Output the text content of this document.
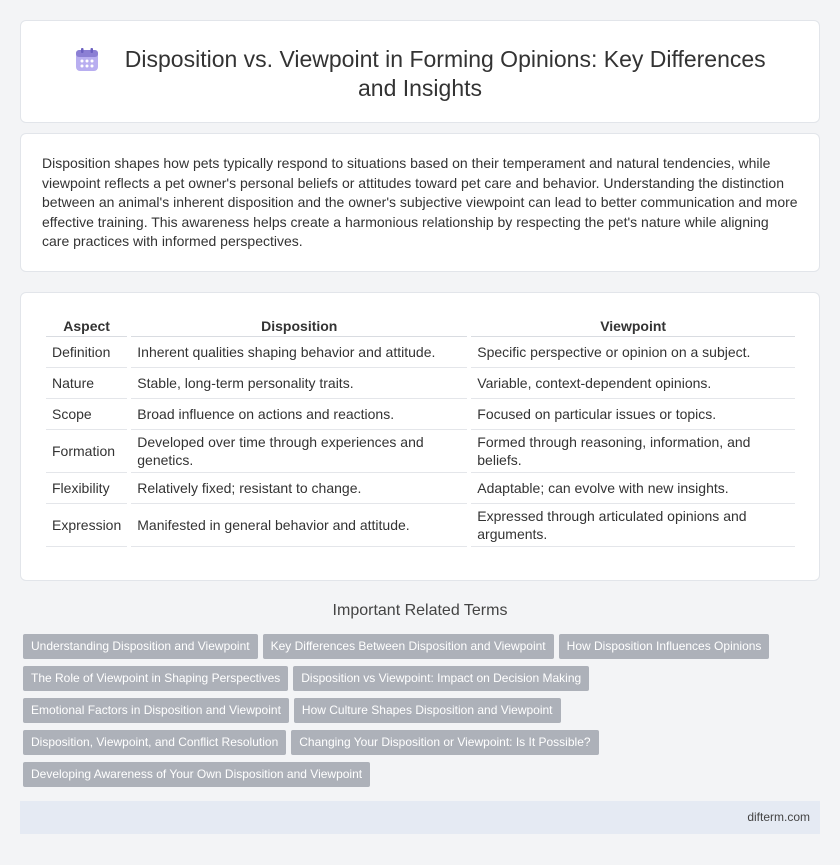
Disposition vs. Viewpoint in Forming Opinions: Key Differences and Insights

Disposition shapes how pets typically respond to situations based on their temperament and natural tendencies, while viewpoint reflects a pet owner's personal beliefs or attitudes toward pet care and behavior. Understanding the distinction between an animal's inherent disposition and the owner's subjective viewpoint can lead to better communication and more effective training. This awareness helps create a harmonious relationship by respecting the pet's nature while aligning care practices with informed perspectives.

Aspect	Disposition	Viewpoint
Definition	Inherent qualities shaping behavior and attitude.	Specific perspective or opinion on a subject.
Nature	Stable, long-term personality traits.	Variable, context-dependent opinions.
Scope	Broad influence on actions and reactions.	Focused on particular issues or topics.
Formation	Developed over time through experiences and genetics.	Formed through reasoning, information, and beliefs.
Flexibility	Relatively fixed; resistant to change.	Adaptable; can evolve with new insights.
Expression	Manifested in general behavior and attitude.	Expressed through articulated opinions and arguments.
Important Related Terms
Understanding Disposition and Viewpoint Key Differences Between Disposition and Viewpoint How Disposition Influences Opinions
The Role of Viewpoint in Shaping Perspectives Disposition vs Viewpoint: Impact on Decision Making
Emotional Factors in Disposition and Viewpoint How Culture Shapes Disposition and Viewpoint
Disposition, Viewpoint, and Conflict Resolution Changing Your Disposition or Viewpoint: Is It Possible?
Developing Awareness of Your Own Disposition and Viewpoint
difterm.com
